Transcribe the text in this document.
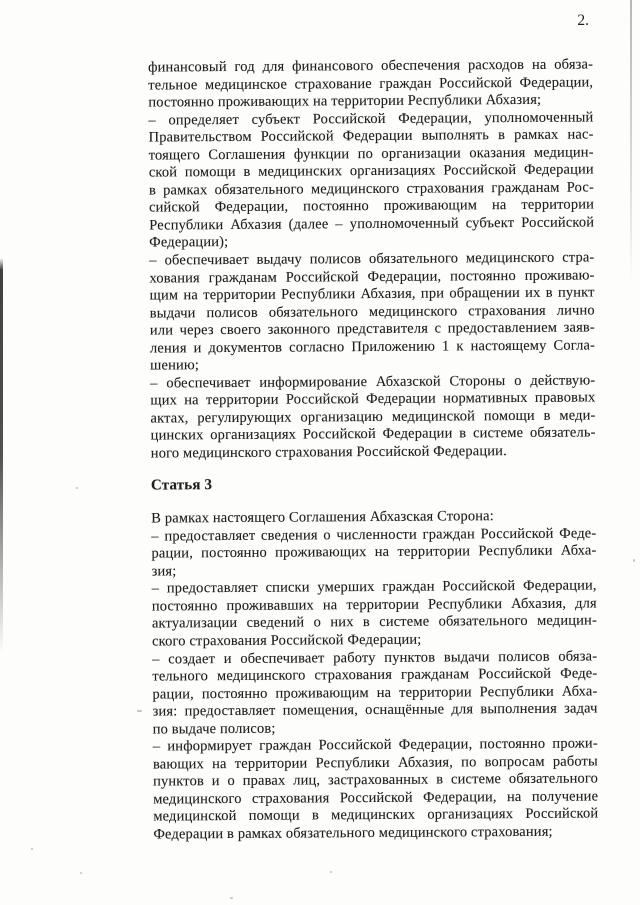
2.
финансовый год для финансового обеспечения расходов на обяза-
тельное медицинское страхование граждан Российской Федерации,
постоянно проживающих на территории Республики Абхазия;
– определяет субъект Российской Федерации, уполномоченный
Правительством Российской Федерации выполнять в рамках нас-
тоящего Соглашения функции по организации оказания медицин-
ской помощи в медицинских организациях Российской Федерации
в рамках обязательного медицинского страхования гражданам Рос-
сийской Федерации, постоянно проживающим на территории
Республики Абхазия (далее – уполномоченный субъект Российской
Федерации);
– обеспечивает выдачу полисов обязательного медицинского стра-
хования гражданам Российской Федерации, постоянно проживаю-
щим на территории Республики Абхазия, при обращении их в пункт
выдачи полисов обязательного медицинского страхования лично
или через своего законного представителя с предоставлением заяв-
ления и документов согласно Приложению 1 к настоящему Согла-
шению;
– обеспечивает информирование Абхазской Стороны о действую-
щих на территории Российской Федерации нормативных правовых
актах, регулирующих организацию медицинской помощи в меди-
цинских организациях Российской Федерации в системе обязатель-
ного медицинского страхования Российской Федерации.
Статья 3
В рамках настоящего Соглашения Абхазская Сторона:
– предоставляет сведения о численности граждан Российской Феде-
рации, постоянно проживающих на территории Республики Абха-
зия;
– предоставляет списки умерших граждан Российской Федерации,
постоянно проживавших на территории Республики Абхазия, для
актуализации сведений о них в системе обязательного медицин-
ского страхования Российской Федерации;
– создает и обеспечивает работу пунктов выдачи полисов обяза-
тельного медицинского страхования гражданам Российской Феде-
рации, постоянно проживающим на территории Республики Абха-
зия: предоставляет помещения, оснащённые для выполнения задач
по выдаче полисов;
– информирует граждан Российской Федерации, постоянно прожи-
вающих на территории Республики Абхазия, по вопросам работы
пунктов и о правах лиц, застрахованных в системе обязательного
медицинского страхования Российской Федерации, на получение
медицинской помощи в медицинских организациях Российской
Федерации в рамках обязательного медицинского страхования;
